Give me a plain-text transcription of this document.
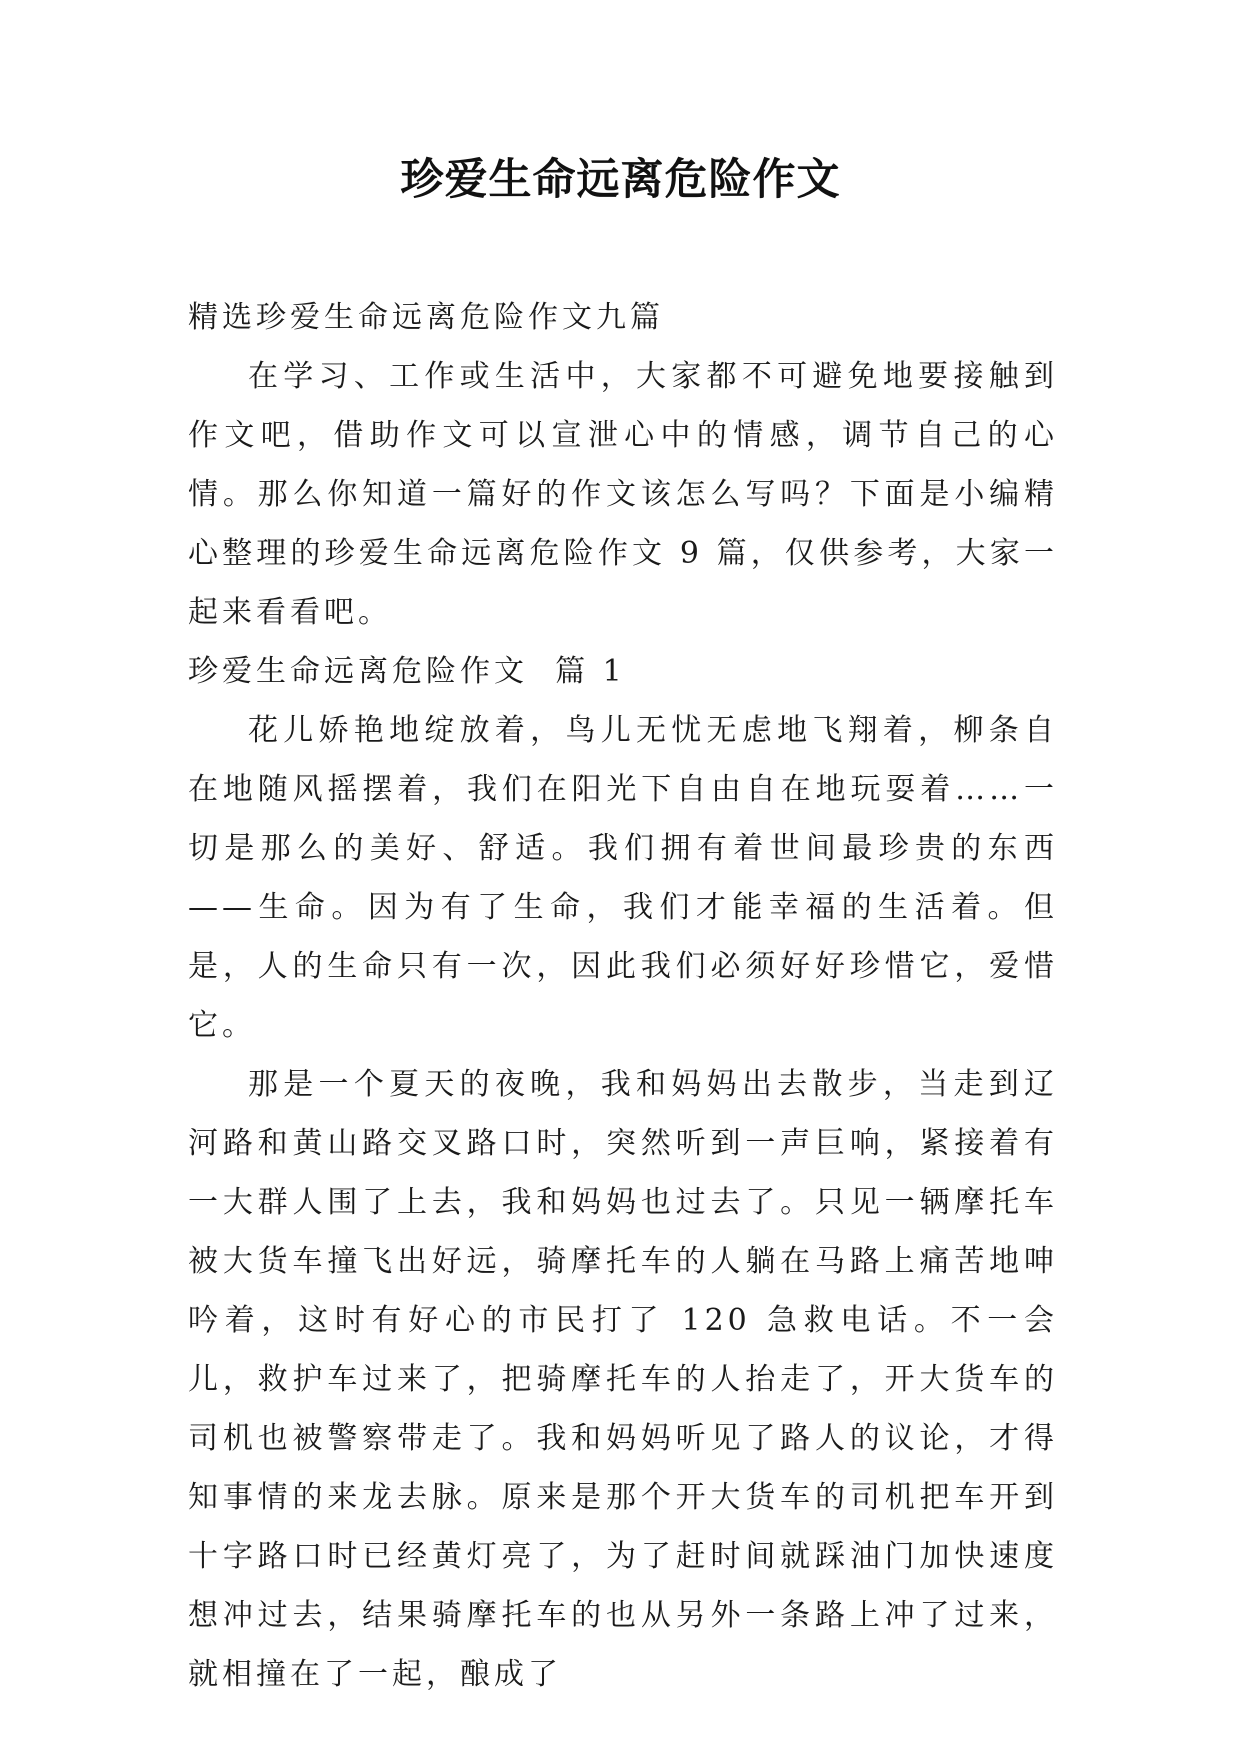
珍爱生命远离危险作文

精选珍爱生命远离危险作文九篇

在学习、工作或生活中，大家都不可避免地要接触到作文吧，借助作文可以宣泄心中的情感，调节自己的心情。那么你知道一篇好的作文该怎么写吗？下面是小编精心整理的珍爱生命远离危险作文 9 篇，仅供参考，大家一起来看看吧。

珍爱生命远离危险作文  篇 1

花儿娇艳地绽放着，鸟儿无忧无虑地飞翔着，柳条自在地随风摇摆着，我们在阳光下自由自在地玩耍着……一切是那么的美好、舒适。我们拥有着世间最珍贵的东西——生命。因为有了生命，我们才能幸福的生活着。但是，人的生命只有一次，因此我们必须好好珍惜它，爱惜它。

那是一个夏天的夜晚，我和妈妈出去散步，当走到辽河路和黄山路交叉路口时，突然听到一声巨响，紧接着有一大群人围了上去，我和妈妈也过去了。只见一辆摩托车被大货车撞飞出好远，骑摩托车的人躺在马路上痛苦地呻吟着，这时有好心的市民打了 120 急救电话。不一会儿，救护车过来了，把骑摩托车的人抬走了，开大货车的司机也被警察带走了。我和妈妈听见了路人的议论，才得知事情的来龙去脉。原来是那个开大货车的司机把车开到十字路口时已经黄灯亮了，为了赶时间就踩油门加快速度想冲过去，结果骑摩托车的也从另外一条路上冲了过来，就相撞在了一起，酿成了
